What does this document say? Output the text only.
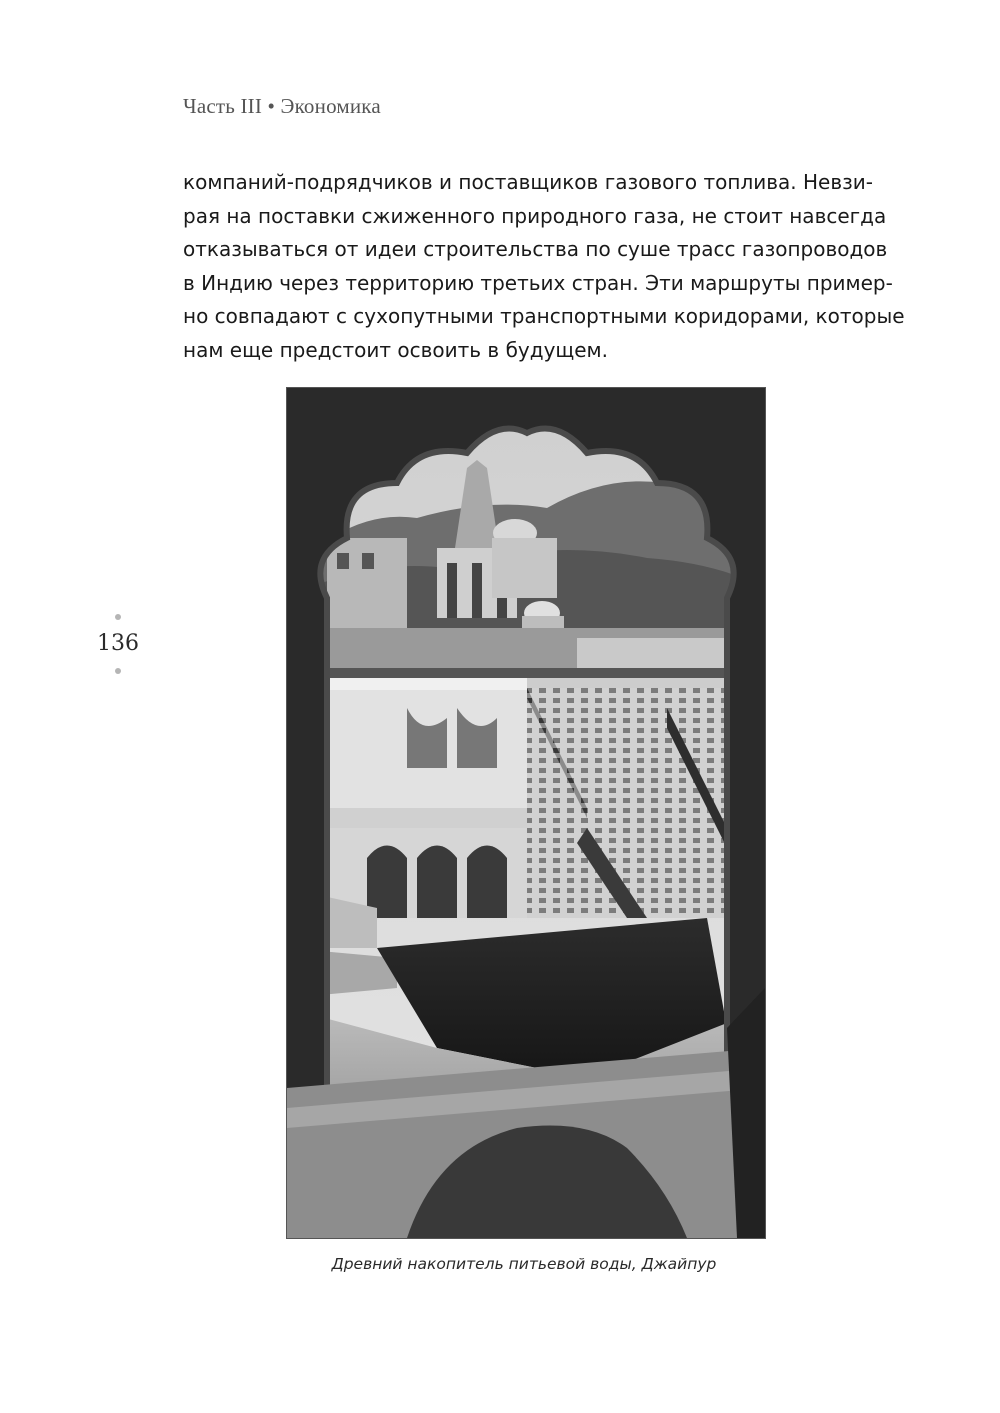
Часть III • Экономика
компаний-подрядчиков и поставщиков газового топлива. Невзи-
рая на поставки сжиженного природного газа, не стоит навсегда
отказываться от идеи строительства по суше трасс газопроводов
в Индию через территорию третьих стран. Эти маршруты пример-
но совпадают с сухопутными транспортными коридорами, которые
нам еще предстоит освоить в будущем.
136
Древний накопитель питьевой воды, Джайпур
